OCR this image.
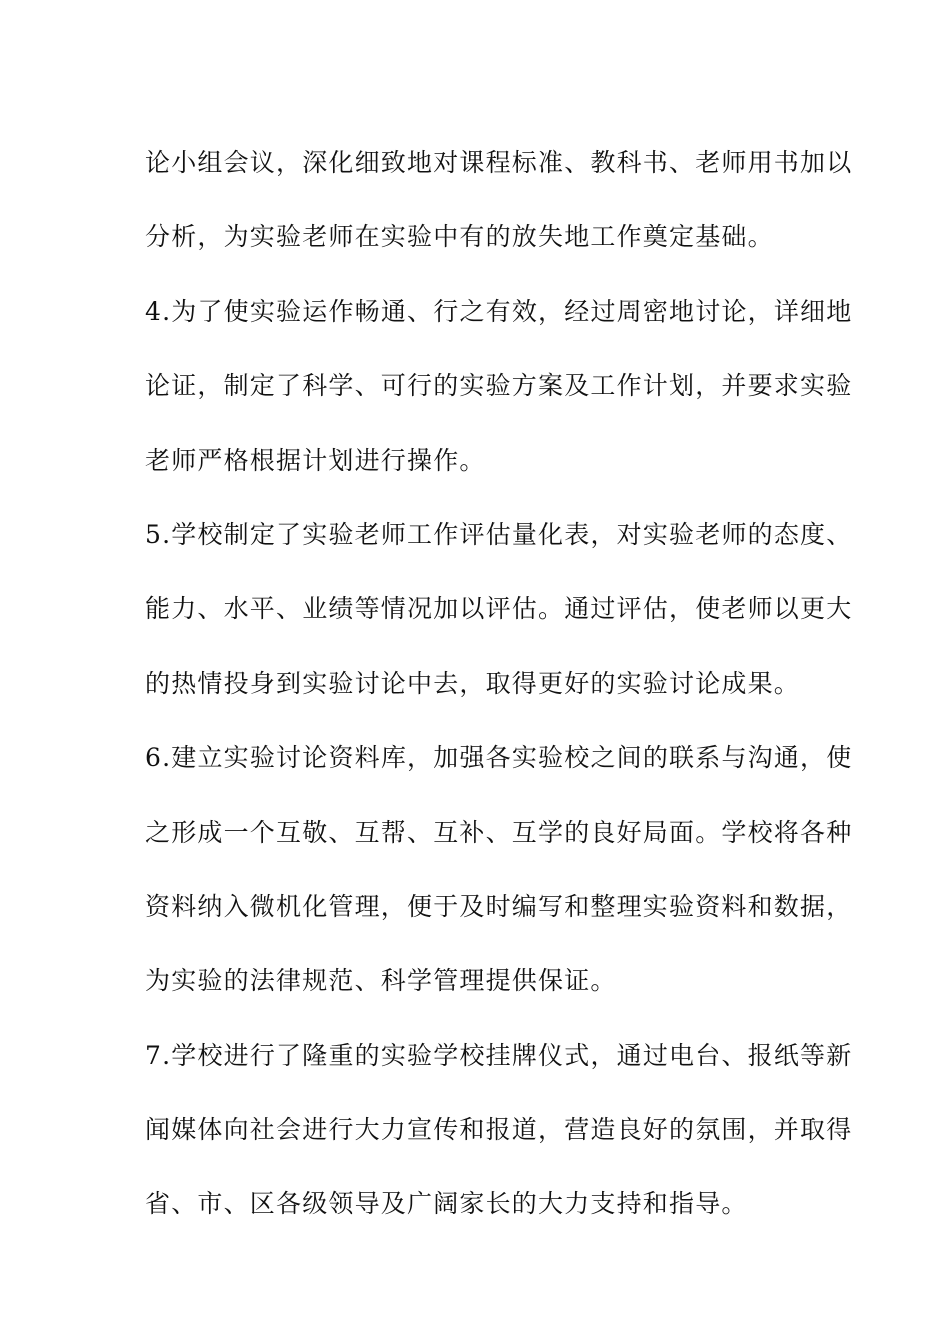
论小组会议，深化细致地对课程标准、教科书、老师用书加以
分析，为实验老师在实验中有的放失地工作奠定基础。
4.为了使实验运作畅通、行之有效，经过周密地讨论，详细地
论证，制定了科学、可行的实验方案及工作计划，并要求实验
老师严格根据计划进行操作。
5.学校制定了实验老师工作评估量化表，对实验老师的态度、
能力、水平、业绩等情况加以评估。通过评估，使老师以更大
的热情投身到实验讨论中去，取得更好的实验讨论成果。
6.建立实验讨论资料库，加强各实验校之间的联系与沟通，使
之形成一个互敬、互帮、互补、互学的良好局面。学校将各种
资料纳入微机化管理，便于及时编写和整理实验资料和数据，
为实验的法律规范、科学管理提供保证。
7.学校进行了隆重的实验学校挂牌仪式，通过电台、报纸等新
闻媒体向社会进行大力宣传和报道，营造良好的氛围，并取得
省、市、区各级领导及广阔家长的大力支持和指导。
